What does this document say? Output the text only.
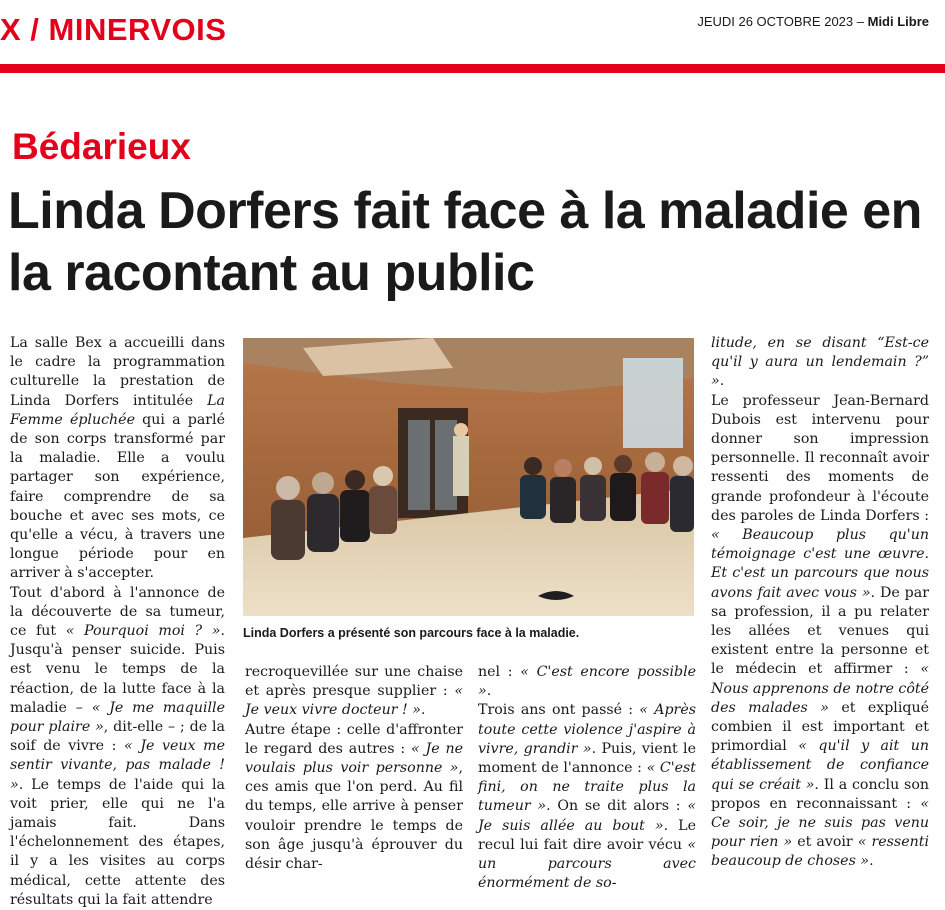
X / MINERVOIS	JEUDI 26 OCTOBRE 2023 – Midi Libre
Bédarieux
Linda Dorfers fait face à la maladie en la racontant au public

La salle Bex a accueilli dans le cadre la programmation culturelle la prestation de Linda Dorfers intitulée La Femme épluchée qui a parlé de son corps transformé par la maladie. Elle a voulu partager son expérience, faire comprendre de sa bouche et avec ses mots, ce qu'elle a vécu, à travers une longue période pour en arriver à s'accepter.

Tout d'abord à l'annonce de la découverte de sa tumeur, ce fut « Pourquoi moi ? ». Jusqu'à penser suicide. Puis est venu le temps de la réaction, de la lutte face à la maladie – « Je me maquille pour plaire », dit-elle – ; de la soif de vivre : « Je veux me sentir vivante, pas malade ! ». Le temps de l'aide qui la voit prier, elle qui ne l'a jamais fait. Dans l'échelonnement des étapes, il y a les visites au corps médical, cette attente des résultats qui la fait attendre

Linda Dorfers a présenté son parcours face à la maladie.

recroquevillée sur une chaise et après presque supplier : « Je veux vivre docteur ! ».

Autre étape : celle d'affronter le regard des autres : « Je ne voulais plus voir personne », ces amis que l'on perd. Au fil du temps, elle arrive à penser vouloir prendre le temps de son âge jusqu'à éprouver du désir char-

nel : « C'est encore possible ».

Trois ans ont passé : « Après toute cette violence j'aspire à vivre, grandir ». Puis, vient le moment de l'annonce : « C'est fini, on ne traite plus la tumeur ». On se dit alors : « Je suis allée au bout ». Le recul lui fait dire avoir vécu « un parcours avec énormément de so-

litude, en se disant “Est-ce qu'il y aura un lendemain ?” ».

Le professeur Jean-Bernard Dubois est intervenu pour donner son impression personnelle. Il reconnaît avoir ressenti des moments de grande profondeur à l'écoute des paroles de Linda Dorfers : « Beaucoup plus qu'un témoignage c'est une œuvre. Et c'est un parcours que nous avons fait avec vous ». De par sa profession, il a pu relater les allées et venues qui existent entre la personne et le médecin et affirmer : « Nous apprenons de notre côté des malades » et expliqué combien il est important et primordial « qu'il y ait un établissement de confiance qui se créait ». Il a conclu son propos en reconnaissant : « Ce soir, je ne suis pas venu pour rien » et avoir « ressenti beaucoup de choses ».
